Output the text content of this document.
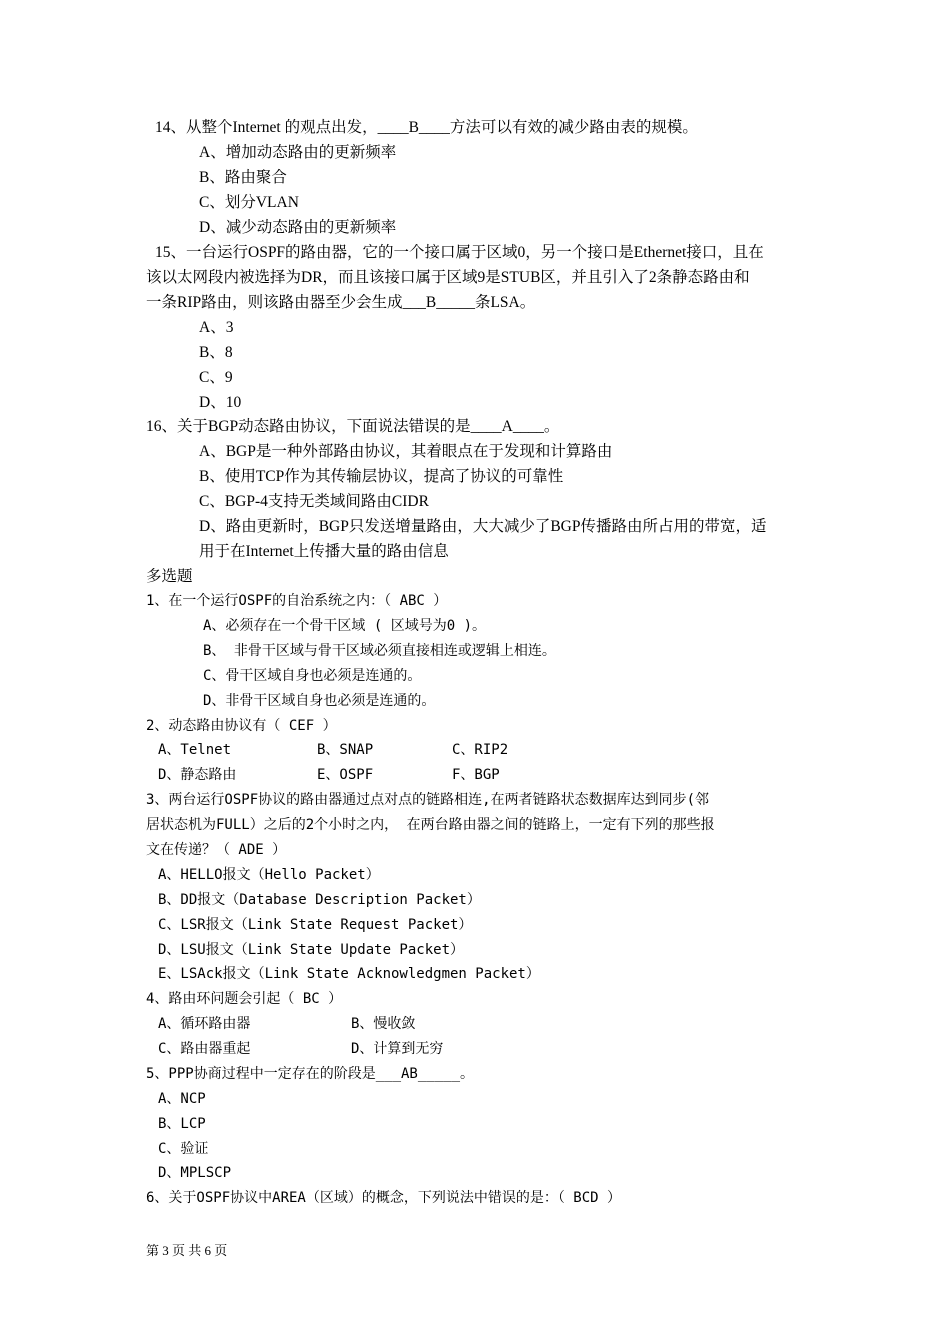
14、从整个Internet 的观点出发，____B____方法可以有效的减少路由表的规模。
A、增加动态路由的更新频率
B、路由聚合
C、划分VLAN
D、减少动态路由的更新频率
15、一台运行OSPF的路由器，它的一个接口属于区域0，另一个接口是Ethernet接口，且在
该以太网段内被选择为DR，而且该接口属于区域9是STUB区，并且引入了2条静态路由和
一条RIP路由，则该路由器至少会生成___B_____条LSA。
A、3
B、8
C、9
D、10
16、关于BGP动态路由协议，下面说法错误的是____A____。
A、BGP是一种外部路由协议，其着眼点在于发现和计算路由
B、使用TCP作为其传输层协议，提高了协议的可靠性
C、BGP-4支持无类域间路由CIDR
D、路由更新时，BGP只发送增量路由，大大减少了BGP传播路由所占用的带宽，适
用于在Internet上传播大量的路由信息
多选题
1、在一个运行OSPF的自治系统之内：（ ABC ）
A、必须存在一个骨干区域 ( 区域号为0 )。
B、 非骨干区域与骨干区域必须直接相连或逻辑上相连。
C、骨干区域自身也必须是连通的。
D、非骨干区域自身也必须是连通的。
2、动态路由协议有（ CEF ）
A、Telnet	B、SNAP	C、RIP2
D、静态路由	E、OSPF	F、BGP
3、两台运行OSPF协议的路由器通过点对点的链路相连,在两者链路状态数据库达到同步(邻
居状态机为FULL）之后的2个小时之内， 在两台路由器之间的链路上，一定有下列的那些报
文在传递？（ ADE ）
A、HELLO报文（Hello Packet）
B、DD报文（Database Description Packet）
C、LSR报文（Link State Request Packet）
D、LSU报文（Link State Update Packet）
E、LSAck报文（Link State Acknowledgmen Packet）
4、路由环问题会引起（ BC ）
A、循环路由器	B、慢收敛
C、路由器重起	D、计算到无穷
5、PPP协商过程中一定存在的阶段是___AB_____。
A、NCP
B、LCP
C、验证
D、MPLSCP
6、关于OSPF协议中AREA（区域）的概念，下列说法中错误的是：（ BCD ）
第 3 页 共 6 页
